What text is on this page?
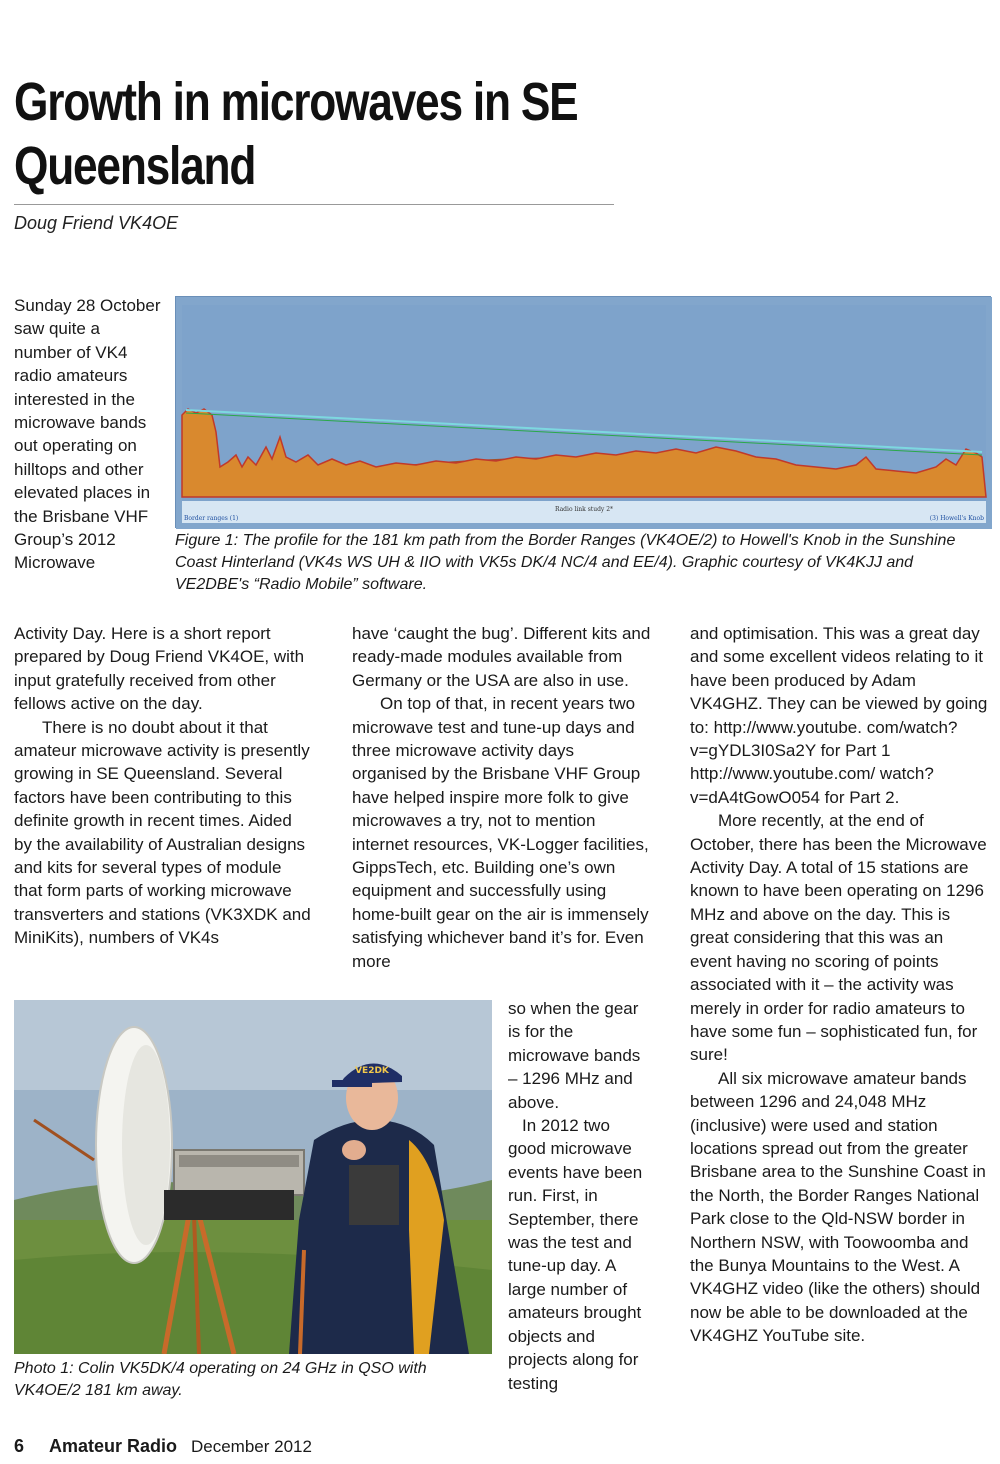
Growth in microwaves in SE Queensland
Doug Friend VK4OE
Sunday 28 October saw quite a number of VK4 radio amateurs interested in the microwave bands out operating on hilltops and other elevated places in the Brisbane VHF Group’s 2012 Microwave
Radio link study 2*
Border ranges (1)	(3) Howell's Knob
Figure 1: The profile for the 181 km path from the Border Ranges (VK4OE/2) to Howell's Knob in the Sunshine Coast Hinterland (VK4s WS UH & IIO with VK5s DK/4 NC/4 and EE/4). Graphic courtesy of VK4KJJ and VE2DBE's “Radio Mobile” software.

Activity Day. Here is a short report prepared by Doug Friend VK4OE, with input gratefully received from other fellows active on the day.

There is no doubt about it that amateur microwave activity is presently growing in SE Queensland. Several factors have been contributing to this definite growth in recent times. Aided by the availability of Australian designs and kits for several types of module that form parts of working microwave transverters and stations (VK3XDK and MiniKits), numbers of VK4s

have ‘caught the bug’. Different kits and ready-made modules available from Germany or the USA are also in use.

On top of that, in recent years two microwave test and tune-up days and three microwave activity days organised by the Brisbane VHF Group have helped inspire more folk to give microwaves a try, not to mention internet resources, VK-Logger facilities, GippsTech, etc. Building one’s own equipment and successfully using home-built gear on the air is immensely satisfying whichever band it’s for. Even more

so when the gear is for the microwave bands – 1296 MHz and above.

In 2012 two good microwave events have been run. First, in September, there was the test and tune-up day. A large number of amateurs brought objects and projects along for testing

and optimisation. This was a great day and some excellent videos relating to it have been produced by Adam VK4GHZ. They can be viewed by going to: http://www.youtube. com/watch?v=gYDL3I0Sa2Y for Part 1 http://www.youtube.com/ watch?v=dA4tGowO054 for Part 2.

More recently, at the end of October, there has been the Microwave Activity Day. A total of 15 stations are known to have been operating on 1296 MHz and above on the day. This is great considering that this was an event having no scoring of points associated with it – the activity was merely in order for radio amateurs to have some fun – sophisticated fun, for sure!

All six microwave amateur bands between 1296 and 24,048 MHz (inclusive) were used and station locations spread out from the greater Brisbane area to the Sunshine Coast in the North, the Border Ranges National Park close to the Qld-NSW border in Northern NSW, with Toowoomba and the Bunya Mountains to the West. A VK4GHZ video (like the others) should now be able to be downloaded at the VK4GHZ YouTube site.

VE2DK
Photo 1: Colin VK5DK/4 operating on 24 GHz in QSO with VK4OE/2 181 km away.
6 Amateur Radio December 2012
